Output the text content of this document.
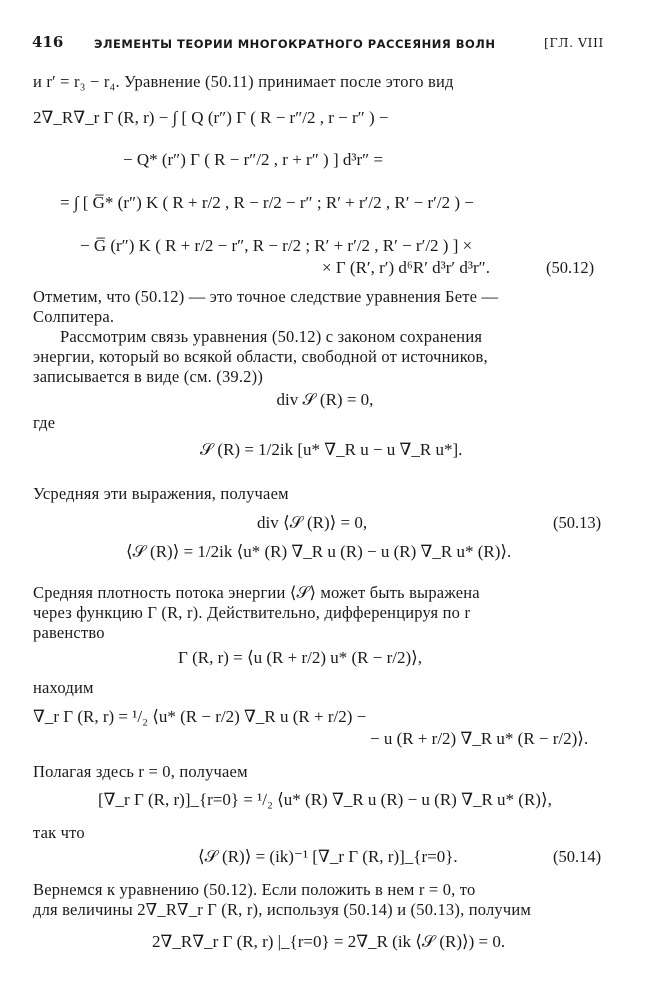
416	ЭЛЕМЕНТЫ ТЕОРИИ МНОГОКРАТНОГО РАССЕЯНИЯ ВОЛН	[ГЛ. VIII
и r′ = r₃ − r₄. Уравнение (50.11) принимает после этого вид
2∇_R∇_r Γ (R, r) − ∫ [ Q (r″) Γ ( R − r″/2 , r − r″ ) −
− Q* (r″) Γ ( R − r″/2 , r + r″ ) ] d³r″ =
= ∫ [ G̅* (r″) K ( R + r/2 , R − r/2 − r″ ; R′ + r′/2 , R′ − r′/2 ) −
− G̅ (r″) K ( R + r/2 − r″, R − r/2 ; R′ + r′/2 , R′ − r′/2 ) ] ×
× Γ (R′, r′) d⁶R′ d³r′ d³r″.	(50.12)
Отметим, что (50.12) — это точное следствие уравнения Бете —
Солпитера.
Рассмотрим связь уравнения (50.12) с законом сохранения
энергии, который во всякой области, свободной от источников,
записывается в виде (см. (39.2))
div 𝒮 (R) = 0,
где
𝒮 (R) = 1/2ik [u* ∇_R u − u ∇_R u*].
Усредняя эти выражения, получаем
div ⟨𝒮 (R)⟩ = 0,	(50.13)
⟨𝒮 (R)⟩ = 1/2ik ⟨u* (R) ∇_R u (R) − u (R) ∇_R u* (R)⟩.
Средняя плотность потока энергии ⟨𝒮⟩ может быть выражена
через функцию Γ (R, r). Действительно, дифференцируя по r
равенство
Γ (R, r) = ⟨u (R + r/2) u* (R − r/2)⟩,
находим
∇_r Γ (R, r) = ¹/₂ ⟨u* (R − r/2) ∇_R u (R + r/2) −
− u (R + r/2) ∇_R u* (R − r/2)⟩.
Полагая здесь r = 0, получаем
[∇_r Γ (R, r)]_{r=0} = ¹/₂ ⟨u* (R) ∇_R u (R) − u (R) ∇_R u* (R)⟩,
так что
⟨𝒮 (R)⟩ = (ik)⁻¹ [∇_r Γ (R, r)]_{r=0}.	(50.14)
Вернемся к уравнению (50.12). Если положить в нем r = 0, то
для величины 2∇_R∇_r Γ (R, r), используя (50.14) и (50.13), получим
2∇_R∇_r Γ (R, r) |_{r=0} = 2∇_R (ik ⟨𝒮 (R)⟩) = 0.
